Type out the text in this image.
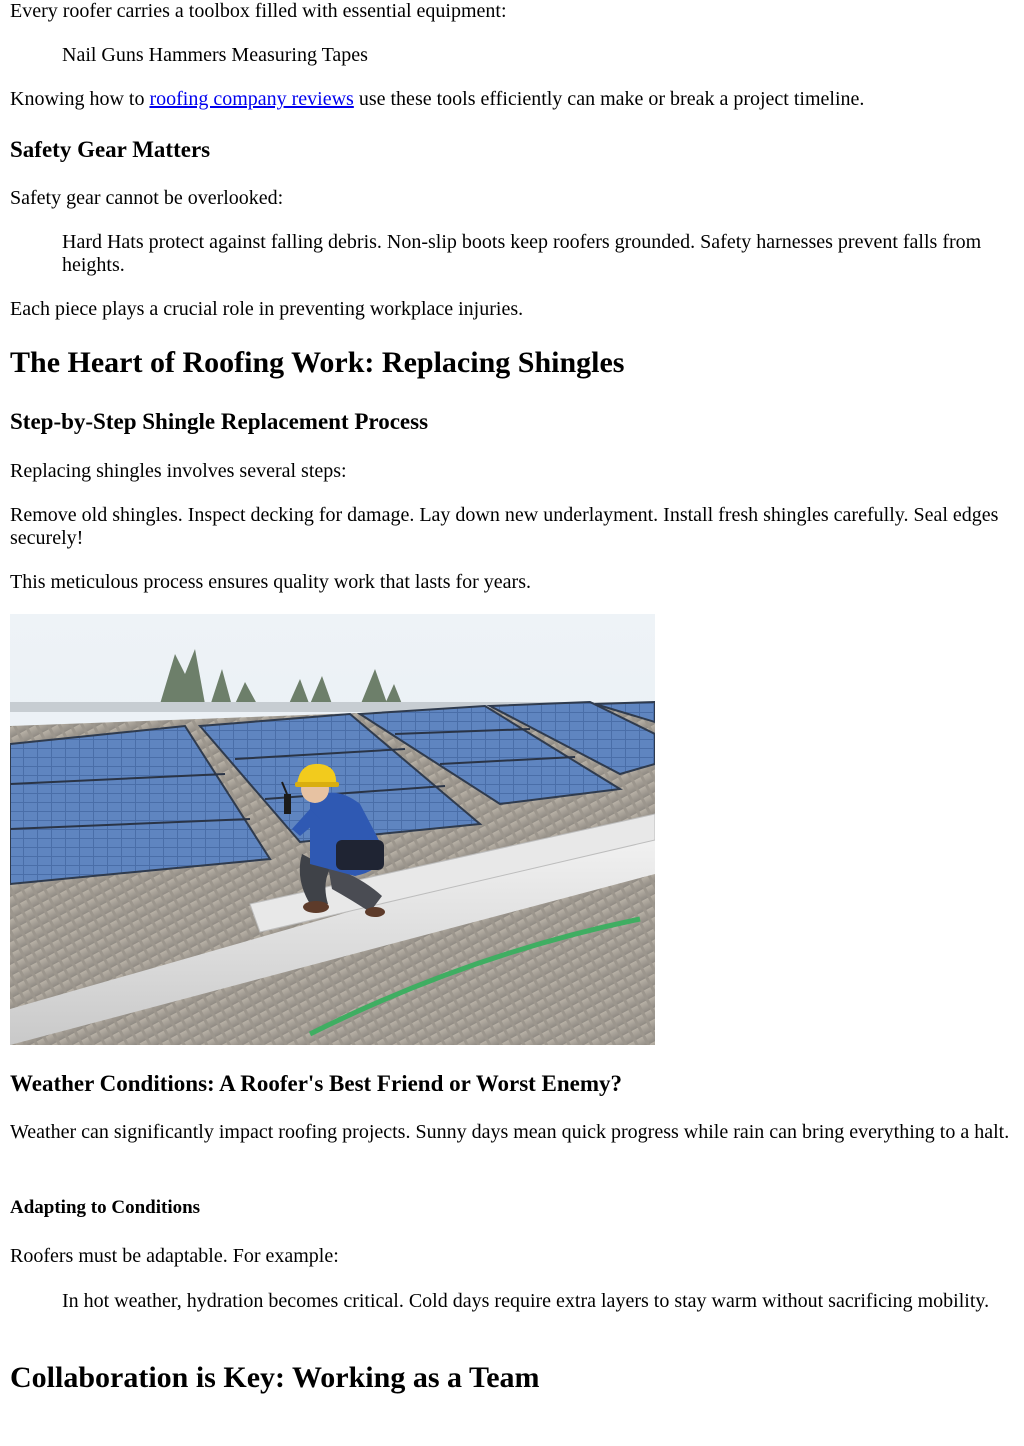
Every roofer carries a toolbox filled with essential equipment:

Nail Guns Hammers Measuring Tapes

Knowing how to roofing company reviews use these tools efficiently can make or break a project timeline.

Safety Gear Matters

Safety gear cannot be overlooked:

Hard Hats protect against falling debris. Non-slip boots keep roofers grounded. Safety harnesses prevent falls from heights.

Each piece plays a crucial role in preventing workplace injuries.

The Heart of Roofing Work: Replacing Shingles
Step-by-Step Shingle Replacement Process

Replacing shingles involves several steps:

Remove old shingles. Inspect decking for damage. Lay down new underlayment. Install fresh shingles carefully. Seal edges securely!

This meticulous process ensures quality work that lasts for years.

Weather Conditions: A Roofer's Best Friend or Worst Enemy?

Weather can significantly impact roofing projects. Sunny days mean quick progress while rain can bring everything to a halt.

Adapting to Conditions

Roofers must be adaptable. For example:

In hot weather, hydration becomes critical. Cold days require extra layers to stay warm without sacrificing mobility.

Collaboration is Key: Working as a Team
